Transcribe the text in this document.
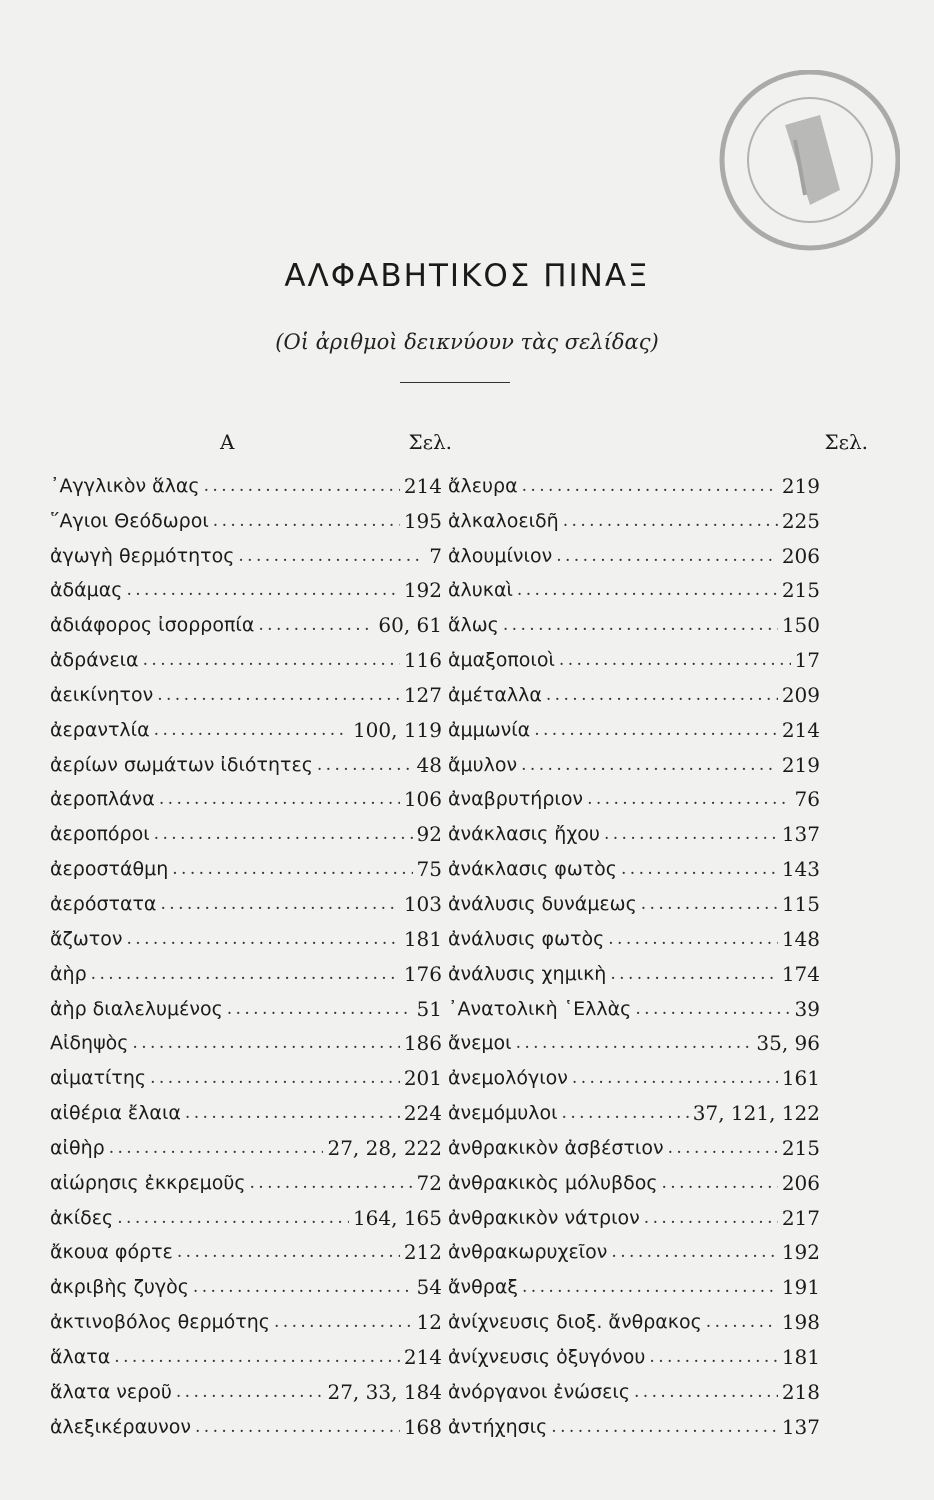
ΑΛΦΑΒΗΤΙΚΟΣ ΠΙΝΑΞ
(Οἱ ἀριθμοὶ δεικνύουν τὰς σελίδας)
Α	Σελ.
᾿Αγγλικὸν ἅλας . . .	214
῞Αγιοι Θεόδωροι . . .	195
ἀγωγὴ θερμότητος . . .	7
ἀδάμας . . .	192
ἀδιάφορος ἰσορροπία . . .	60, 61
ἀδράνεια . . .	116
ἀεικίνητον . . .	127
ἀεραντλία . . .	100, 119
ἀερίων σωμάτων ἰδιότητες . . .	48
ἀεροπλάνα . . .	106
ἀεροπόροι . . .	92
ἀεροστάθμη . . .	75
ἀερόστατα . . .	103
ἄζωτον . . .	181
ἀὴρ . . .	176
ἀὴρ διαλελυμένος . . .	51
Αἰδηψὸς . . .	186
αἱματίτης . . .	201
αἰθέρια ἔλαια . . .	224
αἰθὴρ . . .	27, 28, 222
αἰώρησις ἐκκρεμοῦς . . .	72
ἀκίδες . . .	164, 165
ἄκουα φόρτε . . .	212
ἀκριβὴς ζυγὸς . . .	54
ἀκτινοβόλος θερμότης . . .	12
ἅλατα . . .	214
ἅλατα νεροῦ . . .	27, 33, 184
ἀλεξικέραυνον . . .	168
Σελ.
ἄλευρα . . .	219
ἀλκαλοειδῆ . . .	225
ἀλουμίνιον . . .	206
ἀλυκαὶ . . .	215
ἅλως . . .	150
ἁμαξοποιοὶ . . .	17
ἀμέταλλα . . .	209
ἀμμωνία . . .	214
ἄμυλον . . .	219
ἀναβρυτήριον . . .	76
ἀνάκλασις ἤχου . . .	137
ἀνάκλασις φωτὸς . . .	143
ἀνάλυσις δυνάμεως . . .	115
ἀνάλυσις φωτὸς . . .	148
ἀνάλυσις χημικὴ . . .	174
᾿Ανατολικὴ ῾Ελλὰς . . .	39
ἄνεμοι . . .	35, 96
ἀνεμολόγιον . . .	161
ἀνεμόμυλοι . . .	37, 121, 122
ἀνθρακικὸν ἀσβέστιον . . .	215
ἀνθρακικὸς μόλυβδος . . .	206
ἀνθρακικὸν νάτριον . . .	217
ἀνθρακωρυχεῖον . . .	192
ἄνθραξ . . .	191
ἀνίχνευσις διοξ. ἄνθρακος . . .	198
ἀνίχνευσις ὀξυγόνου . . .	181
ἀνόργανοι ἐνώσεις . . .	218
ἀντήχησις . . .	137
